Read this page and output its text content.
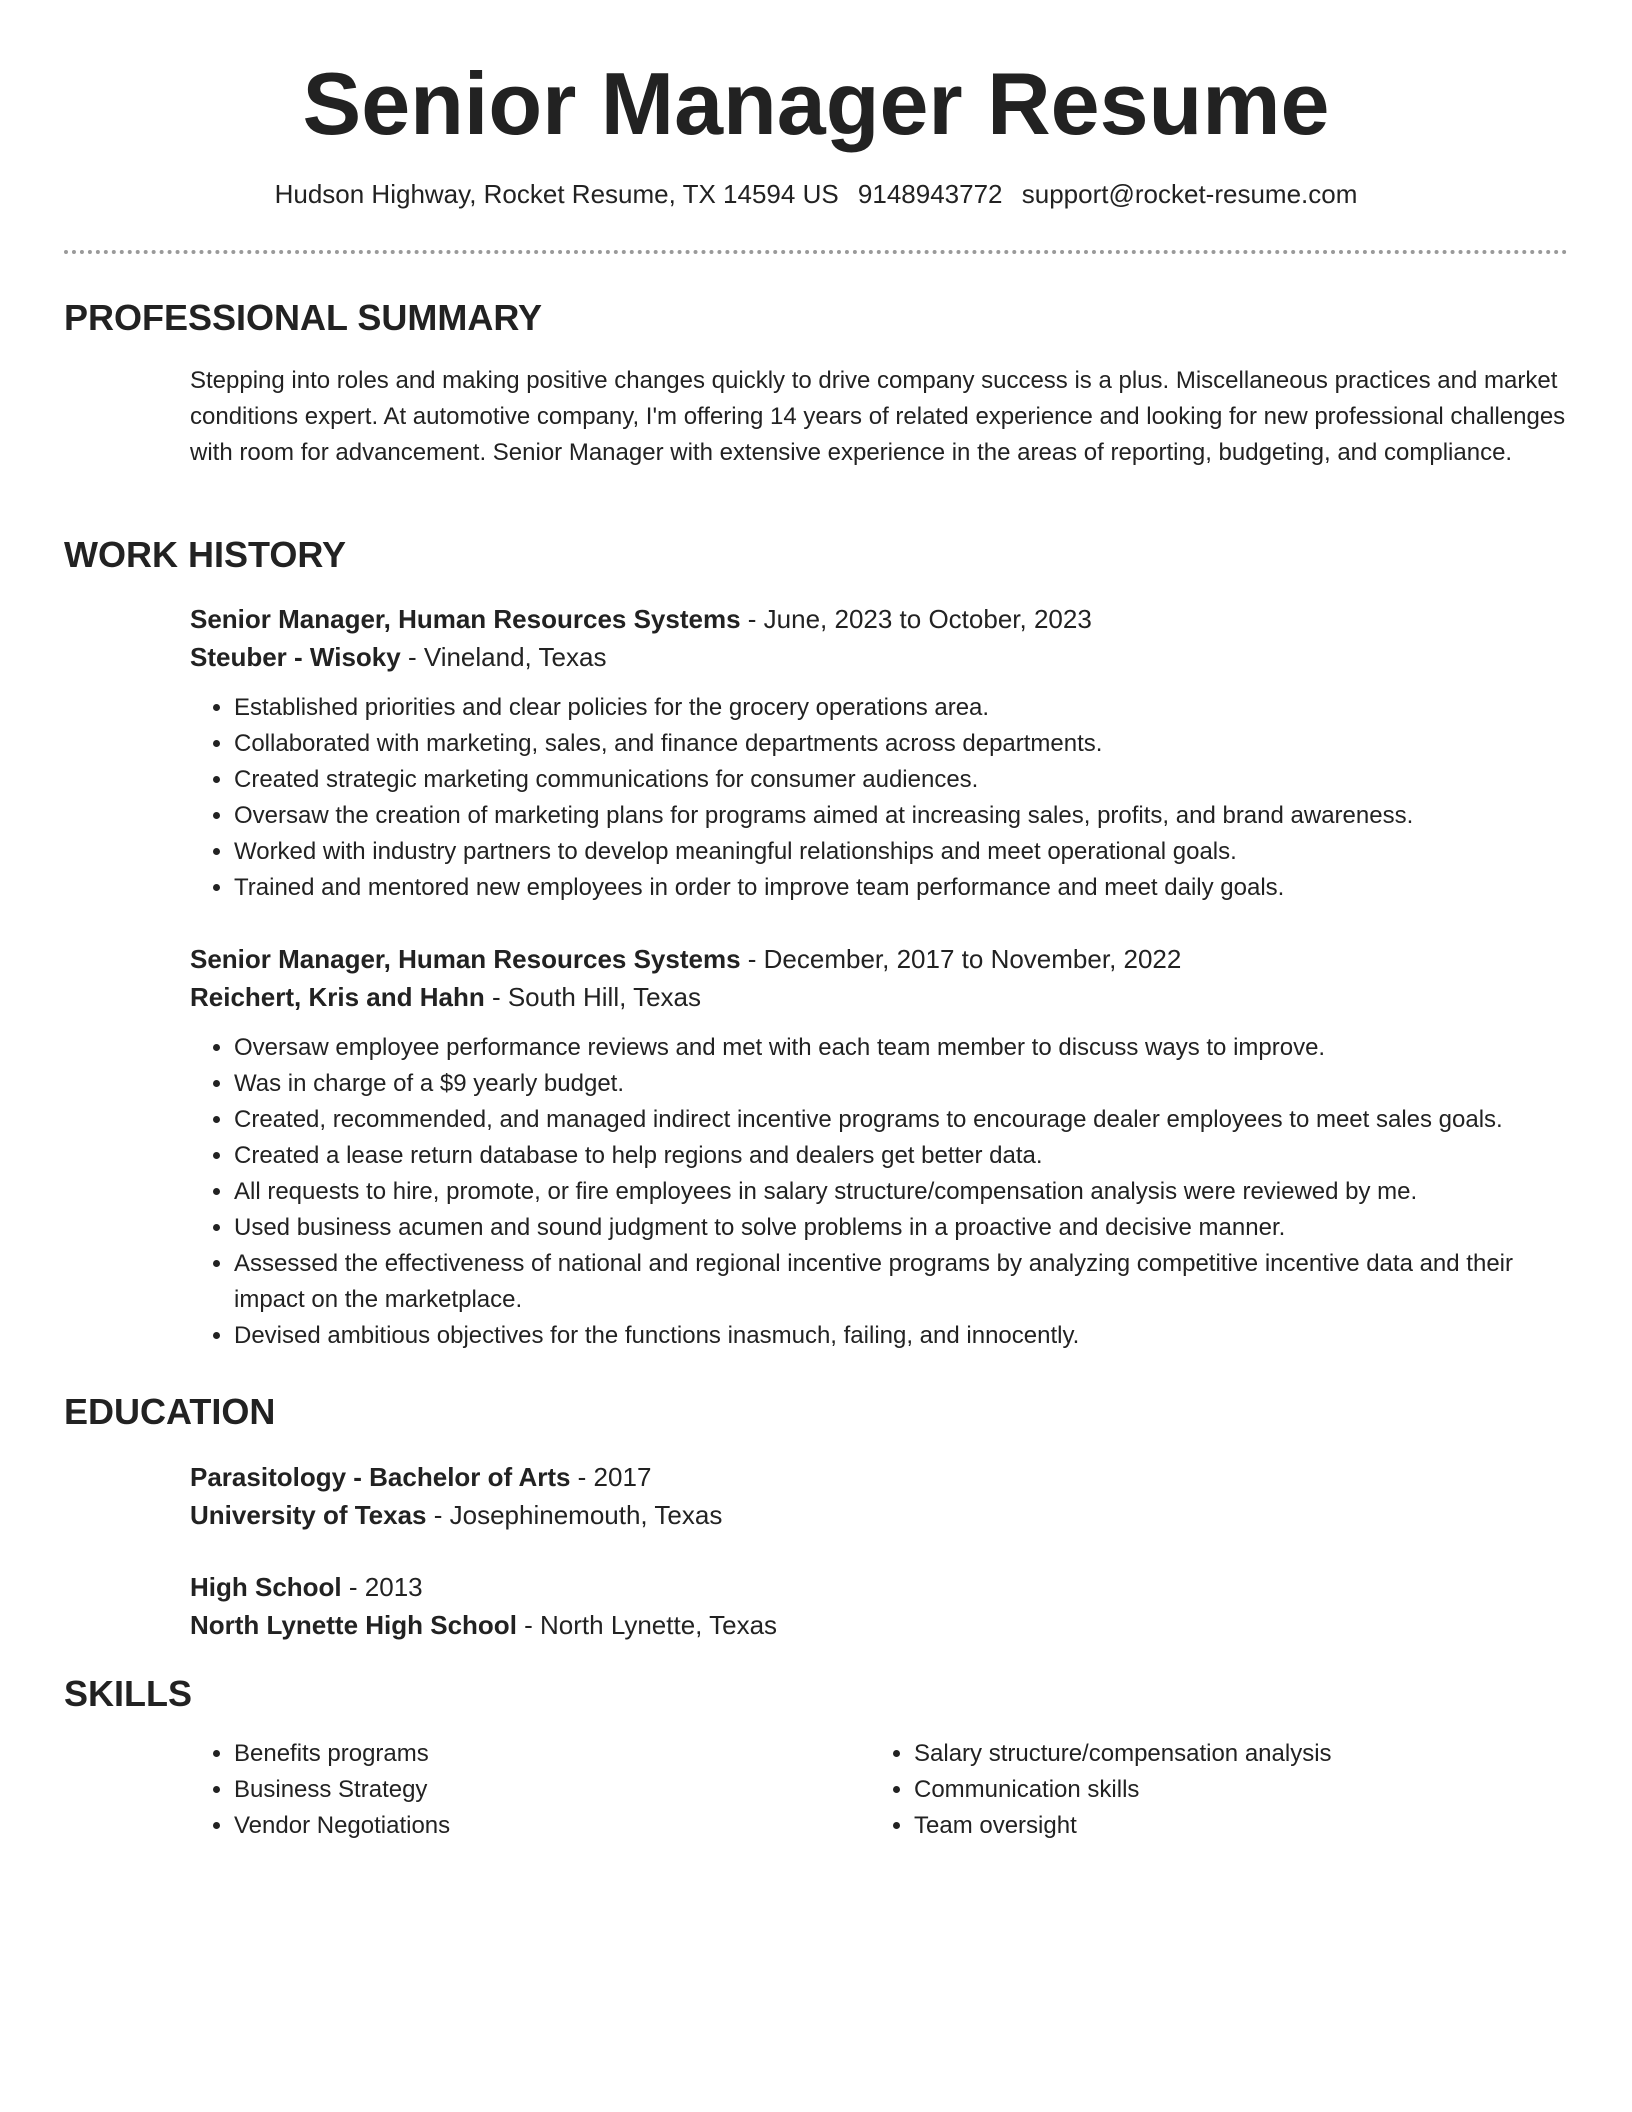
Senior Manager Resume
Hudson Highway, Rocket Resume, TX 14594 US 9148943772 support@rocket-resume.com
PROFESSIONAL SUMMARY

Stepping into roles and making positive changes quickly to drive company success is a plus. Miscellaneous practices and market conditions expert. At automotive company, I'm offering 14 years of related experience and looking for new professional challenges with room for advancement. Senior Manager with extensive experience in the areas of reporting, budgeting, and compliance.

WORK HISTORY
Senior Manager, Human Resources Systems - June, 2023 to October, 2023
Steuber - Wisoky - Vineland, Texas
• Established priorities and clear policies for the grocery operations area.
• Collaborated with marketing, sales, and finance departments across departments.
• Created strategic marketing communications for consumer audiences.
• Oversaw the creation of marketing plans for programs aimed at increasing sales, profits, and brand awareness.
• Worked with industry partners to develop meaningful relationships and meet operational goals.
• Trained and mentored new employees in order to improve team performance and meet daily goals.
Senior Manager, Human Resources Systems - December, 2017 to November, 2022
Reichert, Kris and Hahn - South Hill, Texas
• Oversaw employee performance reviews and met with each team member to discuss ways to improve.
• Was in charge of a $9 yearly budget.
• Created, recommended, and managed indirect incentive programs to encourage dealer employees to meet sales goals.
• Created a lease return database to help regions and dealers get better data.
• All requests to hire, promote, or fire employees in salary structure/compensation analysis were reviewed by me.
• Used business acumen and sound judgment to solve problems in a proactive and decisive manner.
• Assessed the effectiveness of national and regional incentive programs by analyzing competitive incentive data and their impact on the marketplace.
• Devised ambitious objectives for the functions inasmuch, failing, and innocently.
EDUCATION
Parasitology - Bachelor of Arts - 2017
University of Texas - Josephinemouth, Texas
High School - 2013
North Lynette High School - North Lynette, Texas
SKILLS
• Benefits programs
• Business Strategy
• Vendor Negotiations
• Salary structure/compensation analysis
• Communication skills
• Team oversight
